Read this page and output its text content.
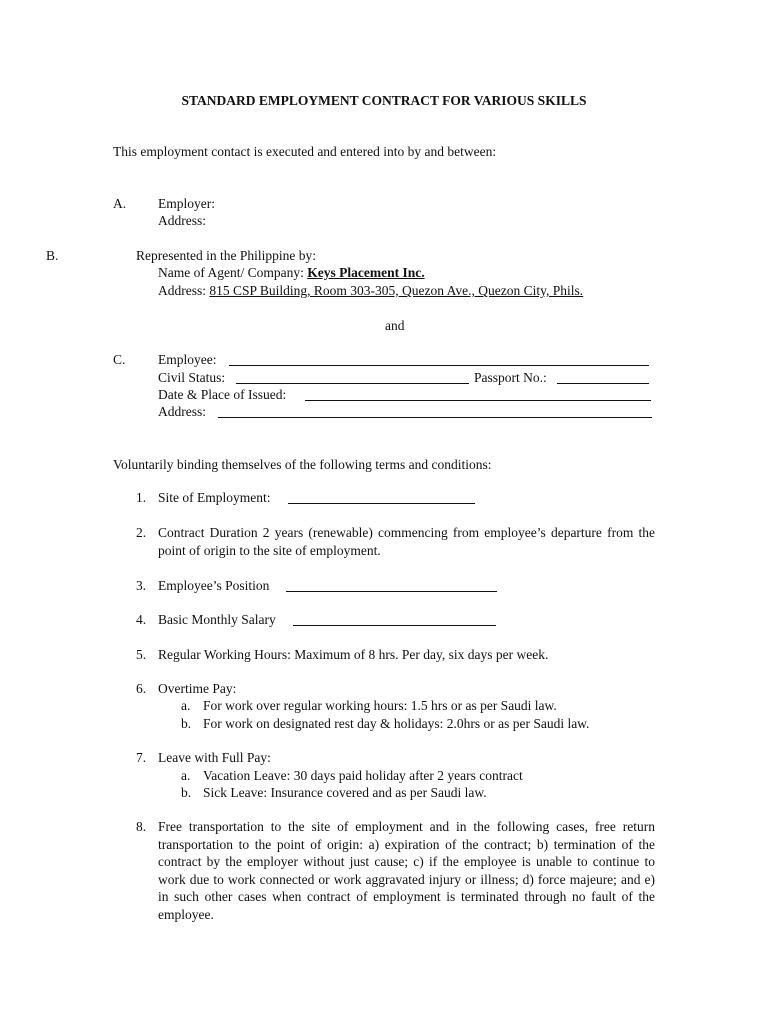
STANDARD EMPLOYMENT CONTRACT FOR VARIOUS SKILLS
This employment contact is executed and entered into by and between:
A. Employer:
Address:
B.	Represented in the Philippine by:
Name of Agent/ Company: Keys Placement Inc.
Address: 815 CSP Building, Room 303-305, Quezon Ave., Quezon City, Phils.
and
C. Employee:
Civil Status:	Passport No.:
Date & Place of Issued:
Address:
Voluntarily binding themselves of the following terms and conditions:
1. Site of Employment:
2. Contract Duration 2 years (renewable) commencing from employee’s departure from the point of origin to the site of employment.
3. Employee’s Position
4. Basic Monthly Salary
5. Regular Working Hours: Maximum of 8 hrs. Per day, six days per week.
6. Overtime Pay:
a. For work over regular working hours: 1.5 hrs or as per Saudi law.
b. For work on designated rest day & holidays: 2.0hrs or as per Saudi law.
7. Leave with Full Pay:
a. Vacation Leave: 30 days paid holiday after 2 years contract
b. Sick Leave: Insurance covered and as per Saudi law.
8. Free transportation to the site of employment and in the following cases, free return transportation to the point of origin: a) expiration of the contract; b) termination of the contract by the employer without just cause; c) if the employee is unable to continue to work due to work connected or work aggravated injury or illness; d) force majeure; and e) in such other cases when contract of employment is terminated through no fault of the employee.
